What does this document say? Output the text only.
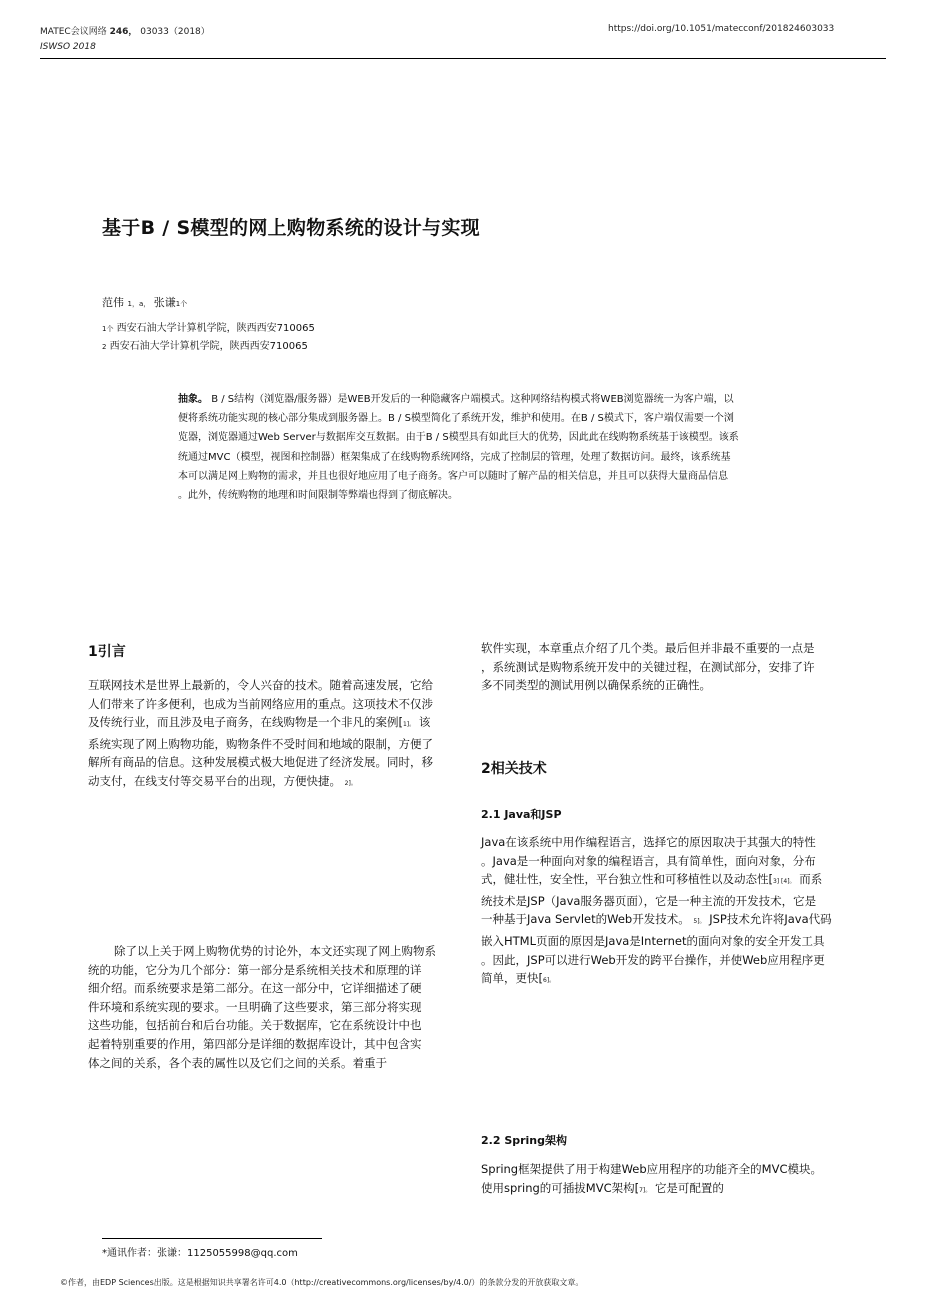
MATEC会议网络 246， 03033（2018）	https://doi.org/10.1051/matecconf/201824603033
ISWSO 2018
基于B / S模型的网上购物系统的设计与实现
范伟 1，a， 张谦1个
1个 西安石油大学计算机学院，陕西西安710065
2 西安石油大学计算机学院，陕西西安710065
抽象。 B / S结构（浏览器/服务器）是WEB开发后的一种隐藏客户端模式。这种网络结构模式将WEB浏览器统一为客户端，以
便将系统功能实现的核心部分集成到服务器上。B / S模型简化了系统开发，维护和使用。在B / S模式下，客户端仅需要一个浏
览器，浏览器通过Web Server与数据库交互数据。由于B / S模型具有如此巨大的优势，因此此在线购物系统基于该模型。该系
统通过MVC（模型，视图和控制器）框架集成了在线购物系统网络，完成了控制层的管理，处理了数据访问。最终，该系统基
本可以满足网上购物的需求，并且也很好地应用了电子商务。客户可以随时了解产品的相关信息，并且可以获得大量商品信息
。此外，传统购物的地理和时间限制等弊端也得到了彻底解决。
1引言
互联网技术是世界上最新的，令人兴奋的技术。随着高速发展，它给
人们带来了许多便利，也成为当前网络应用的重点。这项技术不仅涉
及传统行业，而且涉及电子商务，在线购物是一个非凡的案例[1]。 该
系统实现了网上购物功能，购物条件不受时间和地域的限制，方便了
解所有商品的信息。这种发展模式极大地促进了经济发展。同时，移
动支付，在线支付等交易平台的出现，方便快捷。 2]。
除了以上关于网上购物优势的讨论外，本文还实现了网上购物系
统的功能，它分为几个部分：第一部分是系统相关技术和原理的详
细介绍。而系统要求是第二部分。在这一部分中，它详细描述了硬
件环境和系统实现的要求。一旦明确了这些要求，第三部分将实现
这些功能，包括前台和后台功能。关于数据库，它在系统设计中也
起着特别重要的作用，第四部分是详细的数据库设计，其中包含实
体之间的关系，各个表的属性以及它们之间的关系。着重于
软件实现，本章重点介绍了几个类。最后但并非最不重要的一点是
，系统测试是购物系统开发中的关键过程，在测试部分，安排了许
多不同类型的测试用例以确保系统的正确性。
2相关技术
2.1 Java和JSP
Java在该系统中用作编程语言，选择它的原因取决于其强大的特性
。Java是一种面向对象的编程语言，具有简单性，面向对象，分布
式，健壮性，安全性，平台独立性和可移植性以及动态性[3] [4]。 而系
统技术是JSP（Java服务器页面），它是一种主流的开发技术，它是
一种基于Java Servlet的Web开发技术。 5]。 JSP技术允许将Java代码
嵌入HTML页面的原因是Java是Internet的面向对象的安全开发工具
。因此，JSP可以进行Web开发的跨平台操作，并使Web应用程序更
简单，更快[6]。
2.2 Spring架构
Spring框架提供了用于构建Web应用程序的功能齐全的MVC模块。
使用spring的可插拔MVC架构[7]。 它是可配置的
*通讯作者：张谦：1125055998@qq.com
©作者，由EDP Sciences出版。这是根据知识共享署名许可4.0（http://creativecommons.org/licenses/by/4.0/）的条款分发的开放获取文章。
